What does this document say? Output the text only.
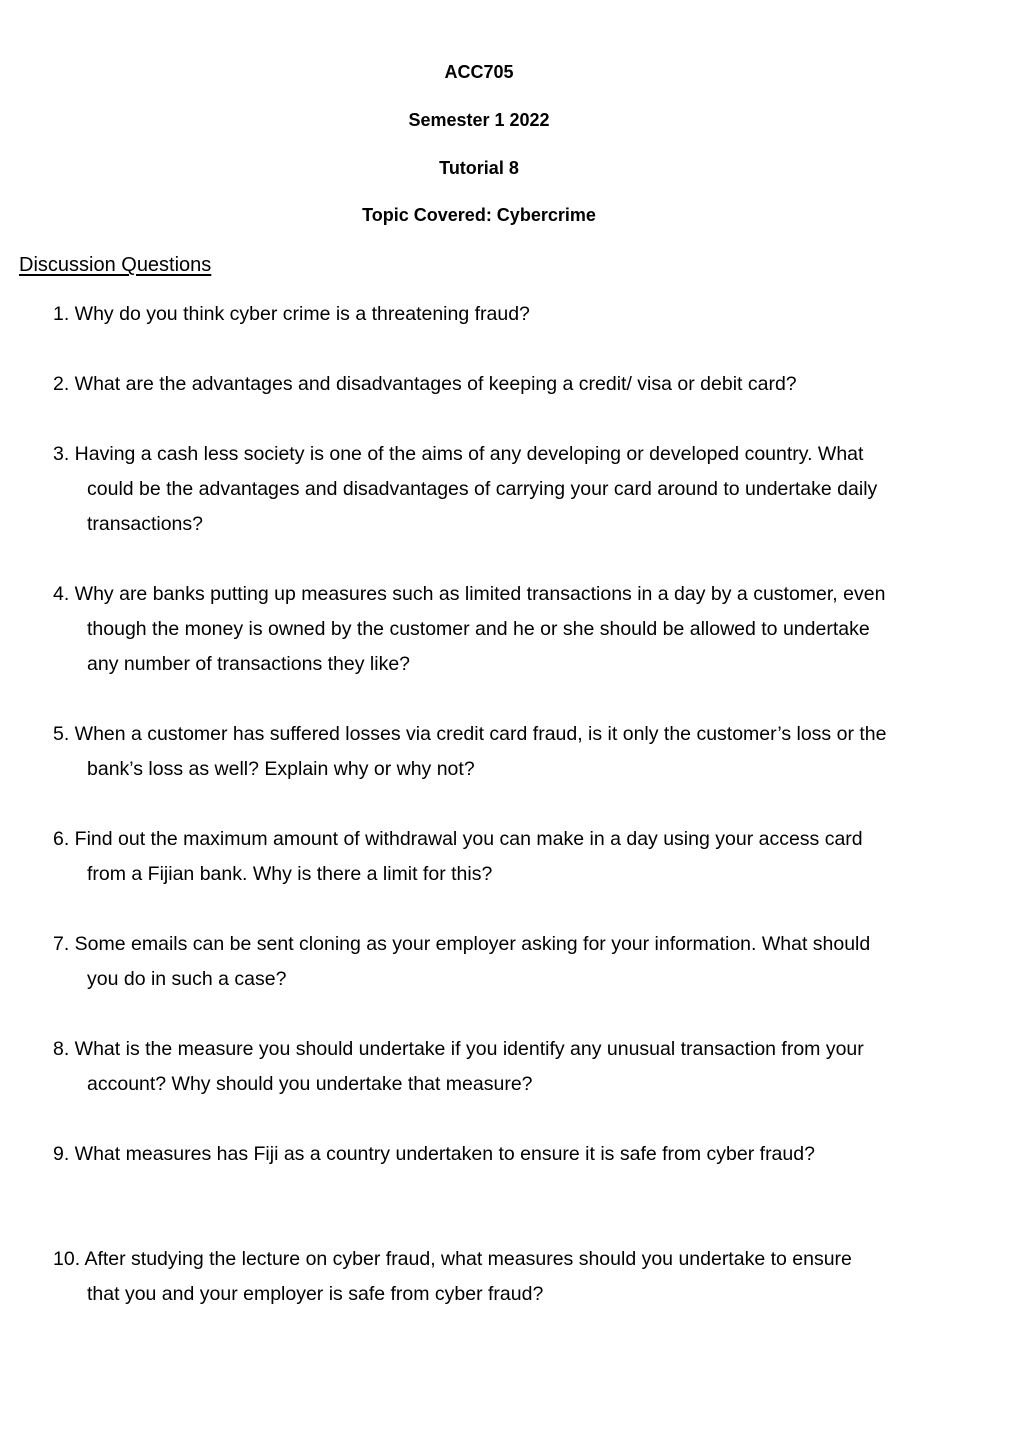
ACC705
Semester 1 2022
Tutorial 8
Topic Covered: Cybercrime
Discussion Questions
1. Why do you think cyber crime is a threatening fraud?
2. What are the advantages and disadvantages of keeping a credit/ visa or debit card?
3. Having a cash less society is one of the aims of any developing or developed country. What
could be the advantages and disadvantages of carrying your card around to undertake daily
transactions?
4. Why are banks putting up measures such as limited transactions in a day by a customer, even
though the money is owned by the customer and he or she should be allowed to undertake
any number of transactions they like?
5. When a customer has suffered losses via credit card fraud, is it only the customer’s loss or the
bank’s loss as well? Explain why or why not?
6. Find out the maximum amount of withdrawal you can make in a day using your access card
from a Fijian bank. Why is there a limit for this?
7. Some emails can be sent cloning as your employer asking for your information. What should
you do in such a case?
8. What is the measure you should undertake if you identify any unusual transaction from your
account? Why should you undertake that measure?
9. What measures has Fiji as a country undertaken to ensure it is safe from cyber fraud?
10. After studying the lecture on cyber fraud, what measures should you undertake to ensure
that you and your employer is safe from cyber fraud?
